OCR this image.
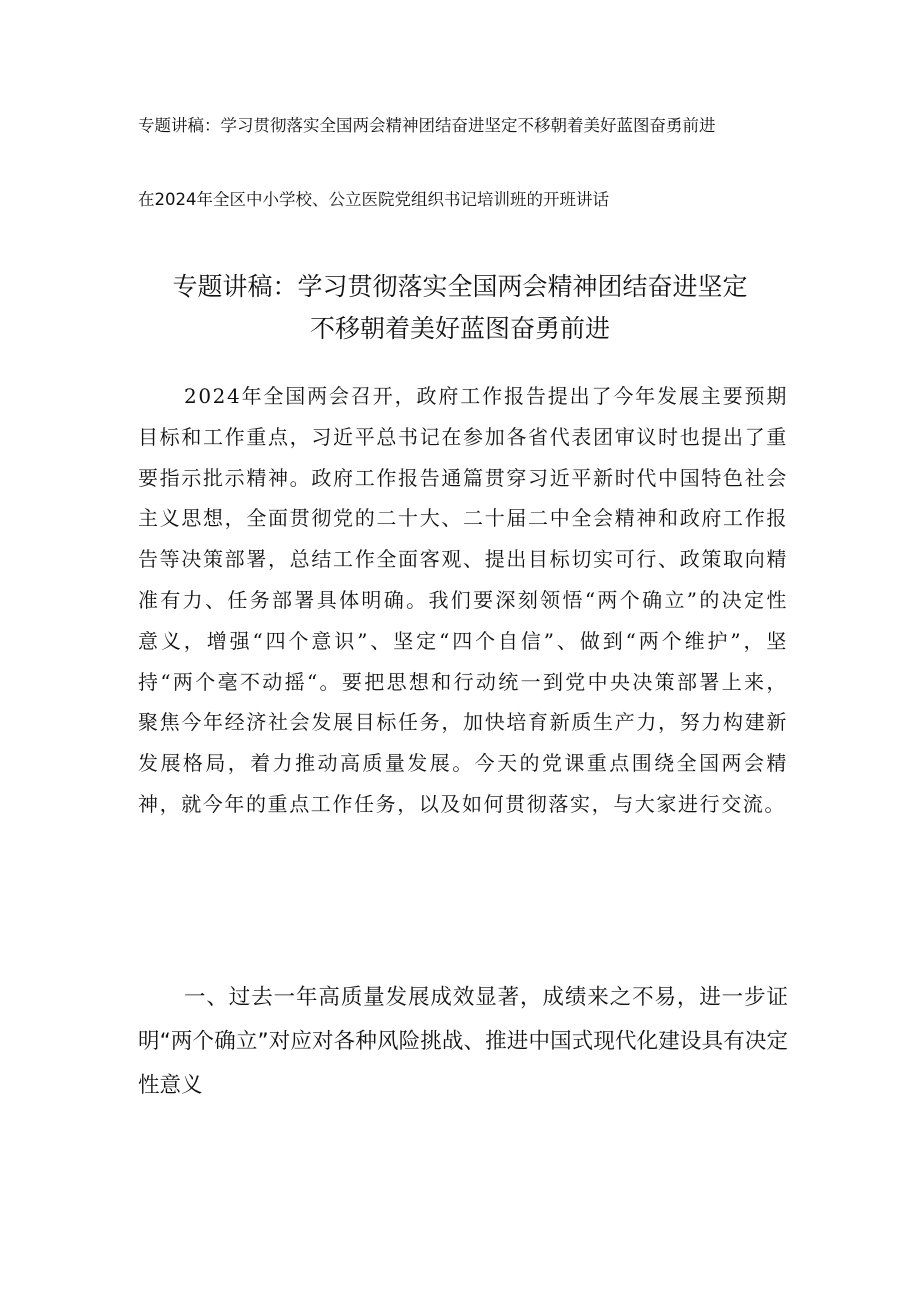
专题讲稿：学习贯彻落实全国两会精神团结奋进坚定不移朝着美好蓝图奋勇前进
在2024年全区中小学校、公立医院党组织书记培训班的开班讲话
专题讲稿：学习贯彻落实全国两会精神团结奋进坚定
不移朝着美好蓝图奋勇前进

2024年全国两会召开，政府工作报告提出了今年发展主要预期目标和工作重点，习近平总书记在参加各省代表团审议时也提出了重要指示批示精神。政府工作报告通篇贯穿习近平新时代中国特色社会主义思想，全面贯彻党的二十大、二十届二中全会精神和政府工作报告等决策部署，总结工作全面客观、提出目标切实可行、政策取向精准有力、任务部署具体明确。我们要深刻领悟“两个确立”的决定性意义，增强“四个意识”、坚定“四个自信”、做到“两个维护”，坚持“两个毫不动摇“。要把思想和行动统一到党中央决策部署上来，聚焦今年经济社会发展目标任务，加快培育新质生产力，努力构建新发展格局，着力推动高质量发展。今天的党课重点围绕全国两会精神，就今年的重点工作任务，以及如何贯彻落实，与大家进行交流。

一、过去一年高质量发展成效显著，成绩来之不易，进一步证明“两个确立”对应对各种风险挑战、推进中国式现代化建设具有决定性意义
